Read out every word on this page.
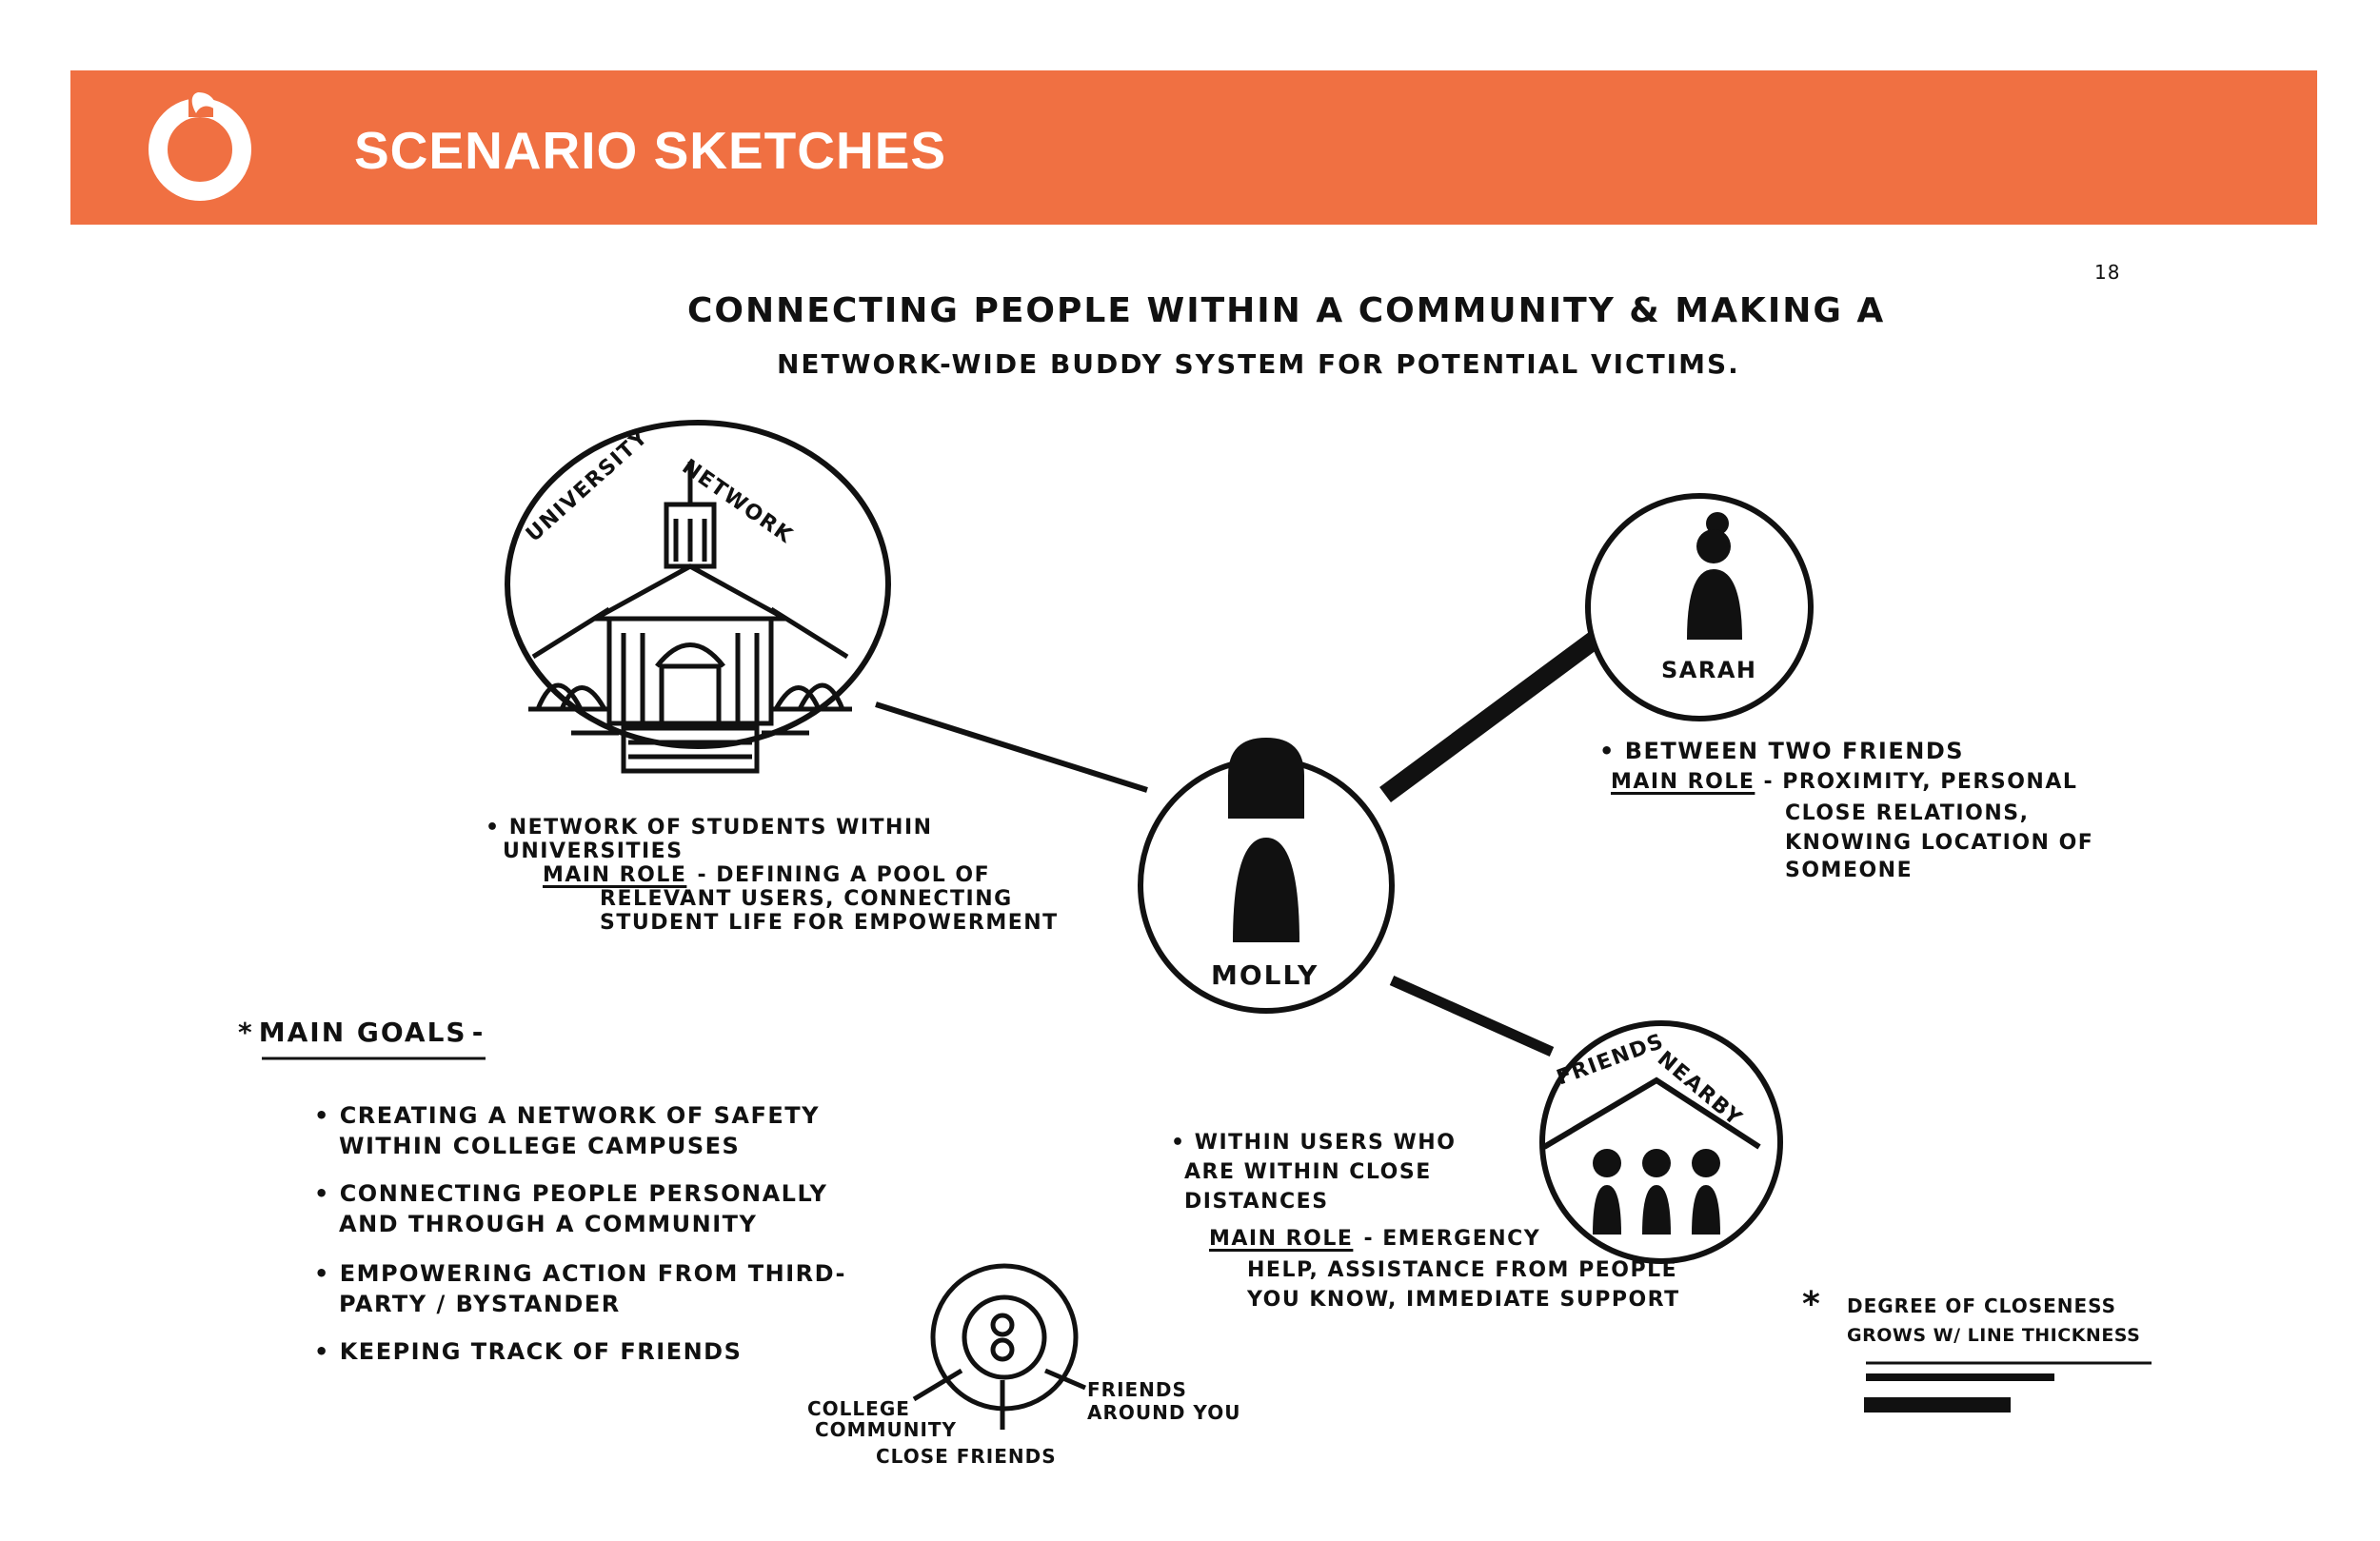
SCENARIO SKETCHES
18
CONNECTING PEOPLE WITHIN A COMMUNITY & MAKING A
NETWORK-WIDE BUDDY SYSTEM FOR POTENTIAL VICTIMS.
UNIVERSITY NETWORK
MOLLY
SARAH
FRIENDS
NEARBY
• NETWORK OF STUDENTS WITHIN
UNIVERSITIES
MAIN ROLE - DEFINING A POOL OF
RELEVANT USERS, CONNECTING
STUDENT LIFE FOR EMPOWERMENT
• BETWEEN TWO FRIENDS
MAIN ROLE - PROXIMITY, PERSONAL
CLOSE RELATIONS,
KNOWING LOCATION OF
SOMEONE
• WITHIN USERS WHO
ARE WITHIN CLOSE
DISTANCES
MAIN ROLE - EMERGENCY
HELP, ASSISTANCE FROM PEOPLE
YOU KNOW, IMMEDIATE SUPPORT
* MAIN GOALS -
• CREATING A NETWORK OF SAFETY
WITHIN COLLEGE CAMPUSES
• CONNECTING PEOPLE PERSONALLY
AND THROUGH A COMMUNITY
• EMPOWERING ACTION FROM THIRD-
PARTY / BYSTANDER
• KEEPING TRACK OF FRIENDS
COLLEGE
COMMUNITY
CLOSE FRIENDS
FRIENDS
AROUND YOU
* DEGREE OF CLOSENESS
GROWS W/ LINE THICKNESS
